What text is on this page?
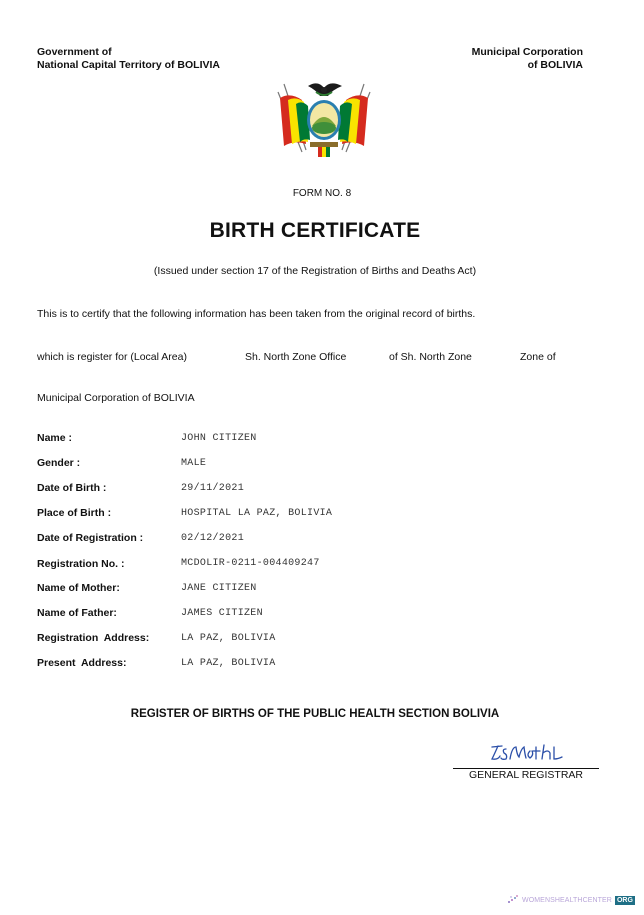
Government of
National Capital Territory of BOLIVIA
Municipal Corporation
of BOLIVIA
FORM NO. 8
BIRTH CERTIFICATE
(Issued under section 17 of the Registration of Births and Deaths Act)
This is to certify that the following information has been taken from the original record of births.
which is register for (Local Area)	Sh. North Zone Office	of Sh. North Zone	Zone of
Municipal Corporation of BOLIVIA
Name :	JOHN CITIZEN
Gender :	MALE
Date of Birth :	29/11/2021
Place of Birth :	HOSPITAL LA PAZ, BOLIVIA
Date of Registration :	02/12/2021
Registration No. :	MCDOLIR-0211-004409247
Name of Mother:	JANE CITIZEN
Name of Father:	JAMES CITIZEN
Registration  Address:	LA PAZ, BOLIVIA
Present  Address:	LA PAZ, BOLIVIA
REGISTER OF BIRTHS OF THE PUBLIC HEALTH SECTION BOLIVIA
GENERAL REGISTRAR
WOMENSHEALTHCENTER ORG
